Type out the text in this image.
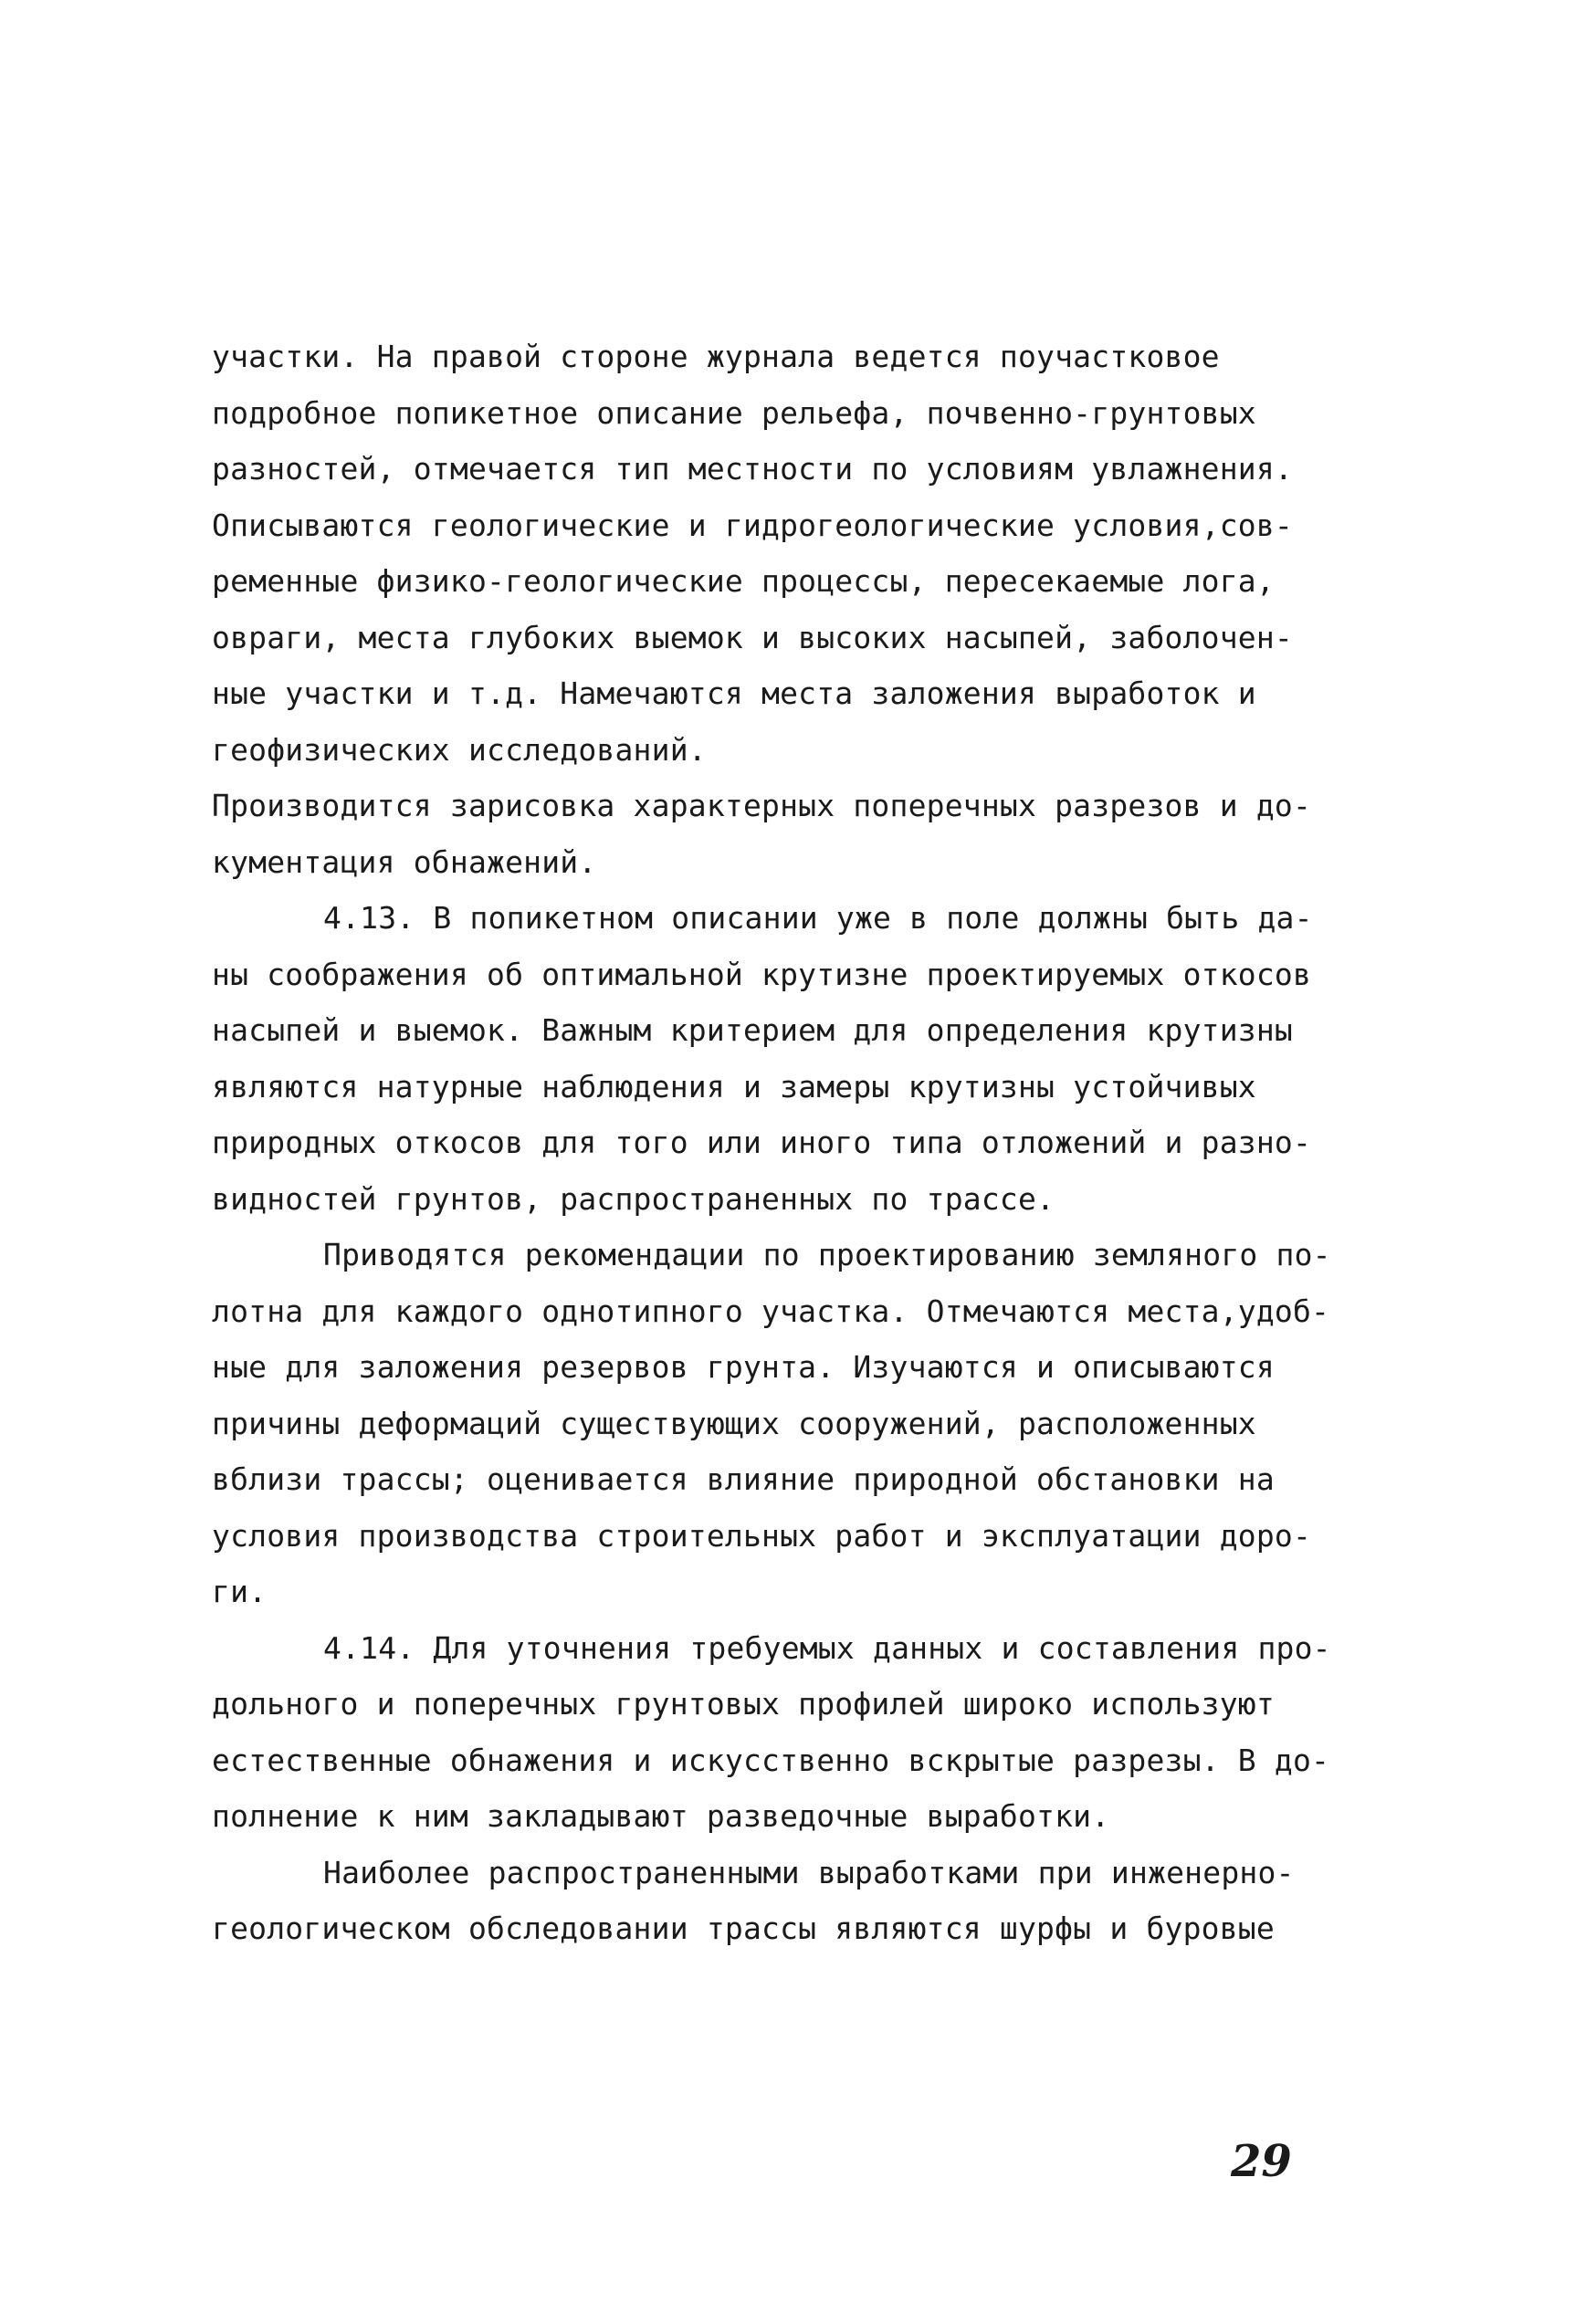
участки. На правой стороне журнала ведется поучастковое
подробное попикетное описание рельефа, почвенно-грунтовых
разностей, отмечается тип местности по условиям увлажнения.
Описываются геологические и гидрогеологические условия,сов-
ременные физико-геологические процессы, пересекаемые лога,
овраги, места глубоких выемок и высоких насыпей, заболочен-
ные участки и т.д. Намечаются места заложения выработок и
геофизических исследований.
Производится зарисовка характерных поперечных разрезов и до-
кументация обнажений.
4.13. В попикетном описании уже в поле должны быть да-
ны соображения об оптимальной крутизне проектируемых откосов
насыпей и выемок. Важным критерием для определения крутизны
являются натурные наблюдения и замеры крутизны устойчивых
природных откосов для того или иного типа отложений и разно-
видностей грунтов, распространенных по трассе.
Приводятся рекомендации по проектированию земляного по-
лотна для каждого однотипного участка. Отмечаются места,удоб-
ные для заложения резервов грунта. Изучаются и описываются
причины деформаций существующих сооружений, расположенных
вблизи трассы; оценивается влияние природной обстановки на
условия производства строительных работ и эксплуатации доро-
ги.
4.14. Для уточнения требуемых данных и составления про-
дольного и поперечных грунтовых профилей широко используют
естественные обнажения и искусственно вскрытые разрезы. В до-
полнение к ним закладывают разведочные выработки.
Наиболее распространенными выработками при инженерно-
геологическом обследовании трассы являются шурфы и буровые
29
